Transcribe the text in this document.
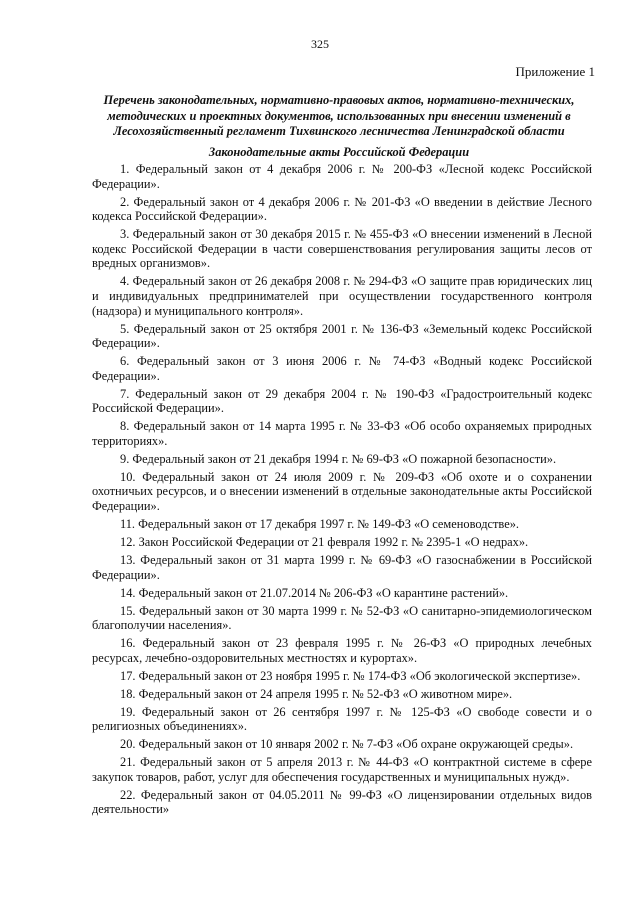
325
Приложение 1
Перечень законодательных, нормативно-правовых актов, нормативно-технических, методических и проектных документов, использованных при внесении изменений в Лесохозяйственный регламент Тихвинского лесничества Ленинградской области
Законодательные акты Российской Федерации

1. Федеральный закон от 4 декабря 2006 г. № 200-ФЗ «Лесной кодекс Российской Федерации».

2. Федеральный закон от 4 декабря 2006 г. № 201-ФЗ «О введении в действие Лесного кодекса Российской Федерации».

3. Федеральный закон от 30 декабря 2015 г. № 455-ФЗ «О внесении изменений в Лесной кодекс Российской Федерации в части совершенствования регулирования защиты лесов от вредных организмов».

4. Федеральный закон от 26 декабря 2008 г. № 294-ФЗ «О защите прав юридических лиц и индивидуальных предпринимателей при осуществлении государственного контроля (надзора) и муниципального контроля».

5. Федеральный закон от 25 октября 2001 г. № 136-ФЗ «Земельный кодекс Российской Федерации».

6. Федеральный закон от 3 июня 2006 г. № 74-ФЗ «Водный кодекс Российской Федерации».

7. Федеральный закон от 29 декабря 2004 г. № 190-ФЗ «Градостроительный кодекс Российской Федерации».

8. Федеральный закон от 14 марта 1995 г. № 33-ФЗ «Об особо охраняемых природных территориях».

9. Федеральный закон от 21 декабря 1994 г. № 69-ФЗ «О пожарной безопасности».

10. Федеральный закон от 24 июля 2009 г. № 209-ФЗ «Об охоте и о сохранении охотничьих ресурсов, и о внесении изменений в отдельные законодательные акты Российской Федерации».

11. Федеральный закон от 17 декабря 1997 г. № 149-ФЗ «О семеноводстве».

12. Закон Российской Федерации от 21 февраля 1992 г. № 2395-1 «О недрах».

13. Федеральный закон от 31 марта 1999 г. № 69-ФЗ «О газоснабжении в Российской Федерации».

14. Федеральный закон от 21.07.2014 № 206-ФЗ «О карантине растений».

15. Федеральный закон от 30 марта 1999 г. № 52-ФЗ «О санитарно-эпидемиологическом благополучии населения».

16. Федеральный закон от 23 февраля 1995 г. № 26-ФЗ «О природных лечебных ресурсах, лечебно-оздоровительных местностях и курортах».

17. Федеральный закон от 23 ноября 1995 г. № 174-ФЗ «Об экологической экспертизе».

18. Федеральный закон от 24 апреля 1995 г. № 52-ФЗ «О животном мире».

19. Федеральный закон от 26 сентября 1997 г. № 125-ФЗ «О свободе совести и о религиозных объединениях».

20. Федеральный закон от 10 января 2002 г. № 7-ФЗ «Об охране окружающей среды».

21. Федеральный закон от 5 апреля 2013 г. № 44-ФЗ «О контрактной системе в сфере закупок товаров, работ, услуг для обеспечения государственных и муниципальных нужд».

22. Федеральный закон от 04.05.2011 № 99-ФЗ «О лицензировании отдельных видов деятельности»
